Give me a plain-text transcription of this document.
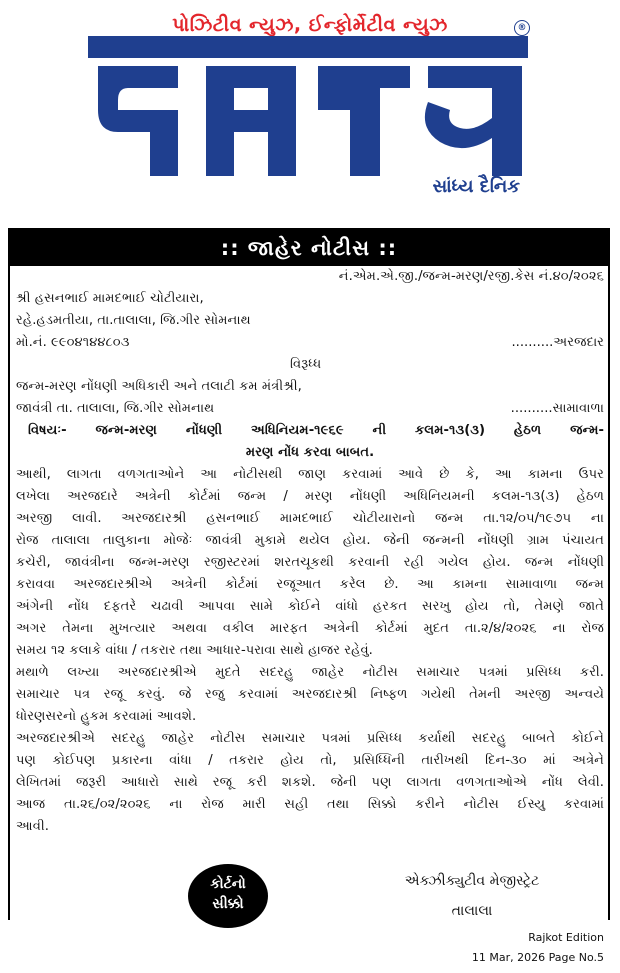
પોઝિટીવ ન્યુઝ, ઈન્ફોર્મેટીવ ન્યુઝ	®
સાંધ્ય દૈનિક
:: જાહેર નોટીસ ::
નં.એમ.એ.જી./જન્મ-મરણ/રજી.કેસ નં.૪૦/૨૦૨૬
શ્રી હસનભાઈ મામદભાઈ ચોટીયારા,
રહે.હડમતીયા, તા.તાલાલા, જિ.ગીર સોમનાથ
મો.નં. ૯૯૦૪૧૪૪૮૦૩	..........અરજદાર
વિરૂધ્ધ
જન્મ-મરણ નોંધણી અધિકારી અને તલાટી કમ મંત્રીશ્રી,
જાવંત્રી તા. તાલાલા, જિ.ગીર સોમનાથ	..........સામાવાળા
વિષયઃ- જન્મ-મરણ નોંધણી અધિનિયમ-૧૯૬૯ ની કલમ-૧૩(૩) હેઠળ જન્મ-
મરણ નોંધ કરવા બાબત.
આથી, લાગતા વળગતાઓને આ નોટીસથી જાણ કરવામાં આવે છે કે, આ કામના ઉપર
લખેલા અરજદારે અત્રેની કોર્ટમાં જન્મ / મરણ નોંધણી અધિનિયમની કલમ-૧૩(૩) હેઠળ
અરજી લાવી. અરજદારશ્રી હસનભાઈ મામદભાઈ ચોટીયારાનો જન્મ તા.૧૨/૦૫/૧૯૭૫ ના
રોજ તાલાલા તાલુકાના મોજેઃ જાવંત્રી મુકામે થયેલ હોય. જેની જન્મની નોંધણી ગ્રામ પંચાયત
કચેરી, જાવંત્રીના જન્મ-મરણ રજીસ્ટરમાં શરતચૂકથી કરવાની રહી ગયેલ હોય. જન્મ નોંધણી
કરાવવા અરજદારશ્રીએ અત્રેની કોર્ટમાં રજૂઆત કરેલ છે. આ કામના સામાવાળા જન્મ
અંગેની નોંધ દફતરે ચઢાવી આપવા સામે કોઈને વાંધો હરકત સરખુ હોય તો, તેમણે જાતે
અગર તેમના મુખત્યાર અથવા વકીલ મારફત અત્રેની કોર્ટમાં મુદત તા.૨/૪/૨૦૨૬ ના રોજ
સમય ૧૨ કલાકે વાંધા / તકરાર તથા આધાર-પરાવા સાથે હાજર રહેવું.
મથાળે લખ્યા અરજદારશ્રીએ મુદતે સદરહુ જાહેર નોટીસ સમાચાર પત્રમાં પ્રસિધ્ધ કરી.
સમાચાર પત્ર રજૂ કરવું. જે રજુ કરવામાં અરજદારશ્રી નિષ્ફળ ગયેથી તેમની અરજી અન્વયે
ધોરણસરનો હુકમ કરવામાં આવશે.
અરજદારશ્રીએ સદરહુ જાહેર નોટીસ સમાચાર પત્રમાં પ્રસિધ્ધ કર્યાથી સદરહુ બાબતે કોઈને
પણ કોઈપણ પ્રકારના વાંધા / તકરાર હોય તો, પ્રસિધ્ધિની તારીખથી દિન-૩૦ માં અત્રેને
લેખિતમાં જરૂરી આધારો સાથે રજૂ કરી શકશે. જેની પણ લાગતા વળગતાઓએ નોંધ લેવી.
આજ તા.૨૬/૦૨/૨૦૨૬ ના રોજ મારી સહી તથા સિક્કો કરીને નોટીસ ઈસ્યુ કરવામાં
આવી.
કોર્ટનો
સીક્કો
એક્ઝીક્યુટીવ મેજીસ્ટ્રેટ
તાલાલા
Rajkot Edition
11 Mar, 2026 Page No.5
